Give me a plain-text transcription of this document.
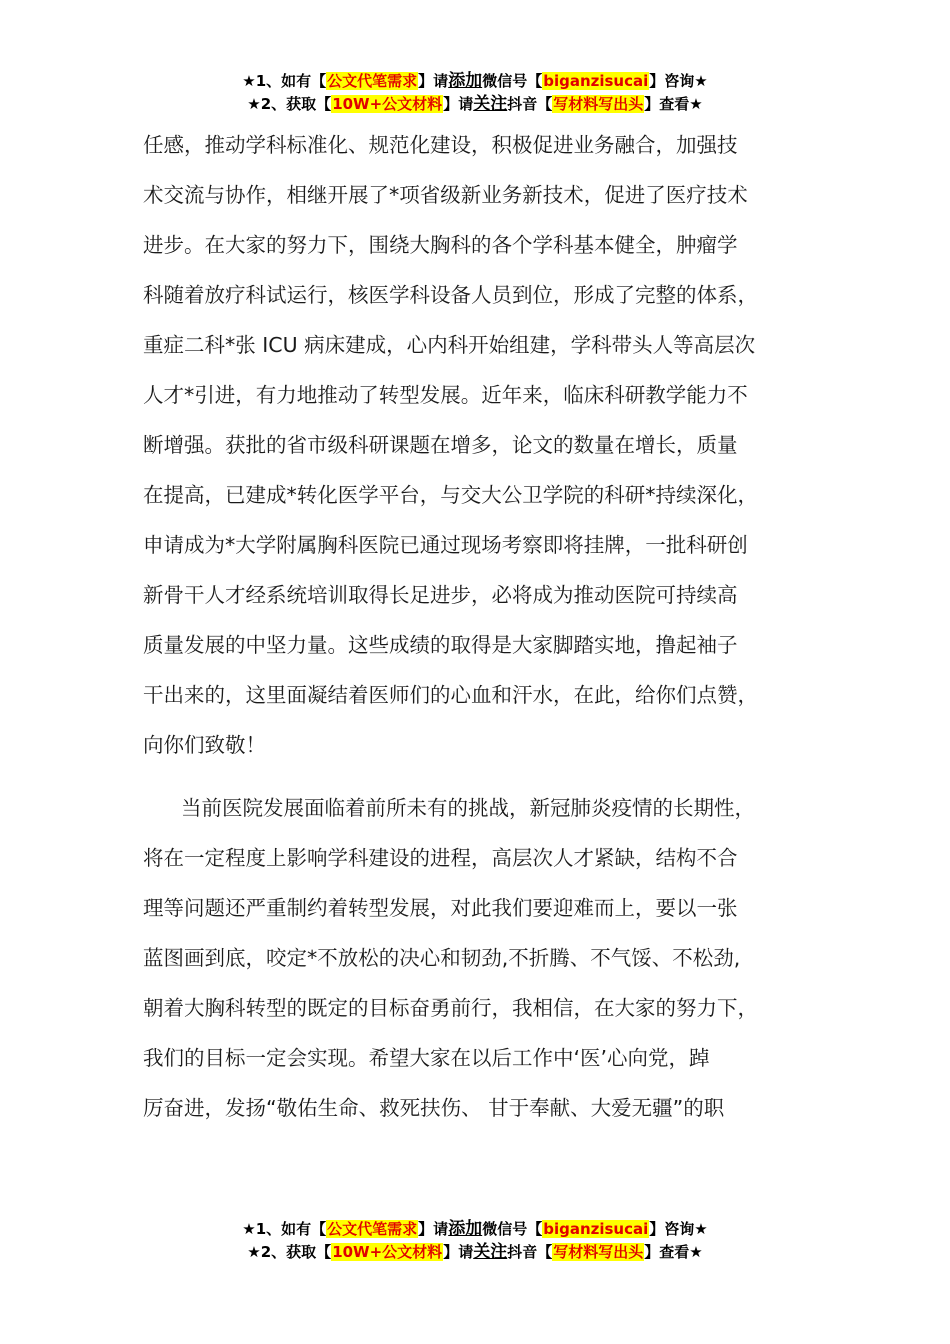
★1、如有【公文代笔需求】请添加微信号【biganzisucai】咨询★
★2、获取【10W+公文材料】请关注抖音【写材料写出头】查看★
任感，推动学科标准化、规范化建设，积极促进业务融合，加强技
术交流与协作，相继开展了*项省级新业务新技术，促进了医疗技术
进步。在大家的努力下，围绕大胸科的各个学科基本健全，肿瘤学
科随着放疗科试运行，核医学科设备人员到位，形成了完整的体系，
重症二科*张 ICU 病床建成，心内科开始组建，学科带头人等高层次
人才*引进，有力地推动了转型发展。近年来，临床科研教学能力不
断增强。获批的省市级科研课题在增多，论文的数量在增长，质量
在提高，已建成*转化医学平台，与交大公卫学院的科研*持续深化，
申请成为*大学附属胸科医院已通过现场考察即将挂牌，一批科研创
新骨干人才经系统培训取得长足进步，必将成为推动医院可持续高
质量发展的中坚力量。这些成绩的取得是大家脚踏实地，撸起袖子
干出来的，这里面凝结着医师们的心血和汗水，在此，给你们点赞，
向你们致敬！
当前医院发展面临着前所未有的挑战，新冠肺炎疫情的长期性，
将在一定程度上影响学科建设的进程，高层次人才紧缺，结构不合
理等问题还严重制约着转型发展，对此我们要迎难而上，要以一张
蓝图画到底，咬定*不放松的决心和韧劲,不折腾、不气馁、不松劲,
朝着大胸科转型的既定的目标奋勇前行，我相信，在大家的努力下，
我们的目标一定会实现。希望大家在以后工作中‘医’心向党，踔
厉奋进，发扬“敬佑生命、救死扶伤、 甘于奉献、大爱无疆”的职
★1、如有【公文代笔需求】请添加微信号【biganzisucai】咨询★
★2、获取【10W+公文材料】请关注抖音【写材料写出头】查看★
